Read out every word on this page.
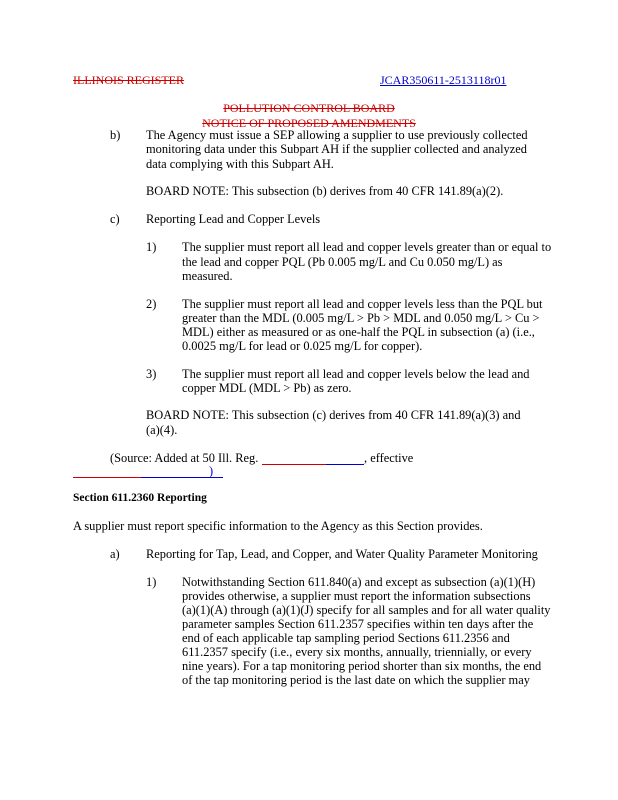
ILLINOIS REGISTER	JCAR350611-2513118r01
POLLUTION CONTROL BOARD
NOTICE OF PROPOSED AMENDMENTS
b) The Agency must issue a SEP allowing a supplier to use previously collected
monitoring data under this Subpart AH if the supplier collected and analyzed
data complying with this Subpart AH.
BOARD NOTE: This subsection (b) derives from 40 CFR 141.89(a)(2).
c) Reporting Lead and Copper Levels
1) The supplier must report all lead and copper levels greater than or equal to
the lead and copper PQL (Pb 0.005 mg/L and Cu 0.050 mg/L) as
measured.
2) The supplier must report all lead and copper levels less than the PQL but
greater than the MDL (0.005 mg/L > Pb > MDL and 0.050 mg/L > Cu >
MDL) either as measured or as one-half the PQL in subsection (a) (i.e.,
0.0025 mg/L for lead or 0.025 mg/L for copper).
3) The supplier must report all lead and copper levels below the lead and
copper MDL (MDL > Pb) as zero.
BOARD NOTE: This subsection (c) derives from 40 CFR 141.89(a)(3) and
(a)(4).
(Source: Added at 50 Ill. Reg.	, effective
)
Section 611.2360 Reporting
A supplier must report specific information to the Agency as this Section provides.
a) Reporting for Tap, Lead, and Copper, and Water Quality Parameter Monitoring
1) Notwithstanding Section 611.840(a) and except as subsection (a)(1)(H)
provides otherwise, a supplier must report the information subsections
(a)(1)(A) through (a)(1)(J) specify for all samples and for all water quality
parameter samples Section 611.2357 specifies within ten days after the
end of each applicable tap sampling period Sections 611.2356 and
611.2357 specify (i.e., every six months, annually, triennially, or every
nine years). For a tap monitoring period shorter than six months, the end
of the tap monitoring period is the last date on which the supplier may
